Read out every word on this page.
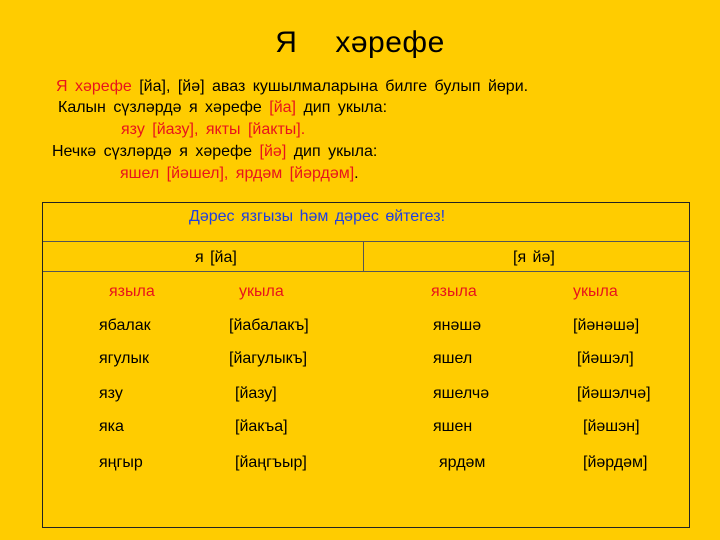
Я хәрефе
Я хәрефе [йа], [йә] аваз кушылмаларына билге булып йөри.
Калын сүзләрдә я хәрефе [йа] дип укыла:
язу [йазу], якты [йакты].
Нечкә сүзләрдә я хәрефе [йә] дип укыла:
яшел [йәшел], ярдәм [йәрдәм].
Дәрес язгызы һәм дәрес өйтегез!
я [йа]	[я йә]
языла	укыла	языла	укыла
ябалак	[йабалакъ]	янәшә	[йәнәшә]
ягулык	[йагулыкъ]	яшел	[йәшэл]
язу	[йазу]	яшелчә	[йәшэлчә]
яка	[йакъа]	яшен	[йәшэн]
яңгыр	[йаңгъыр]	ярдәм	[йәрдәм]
